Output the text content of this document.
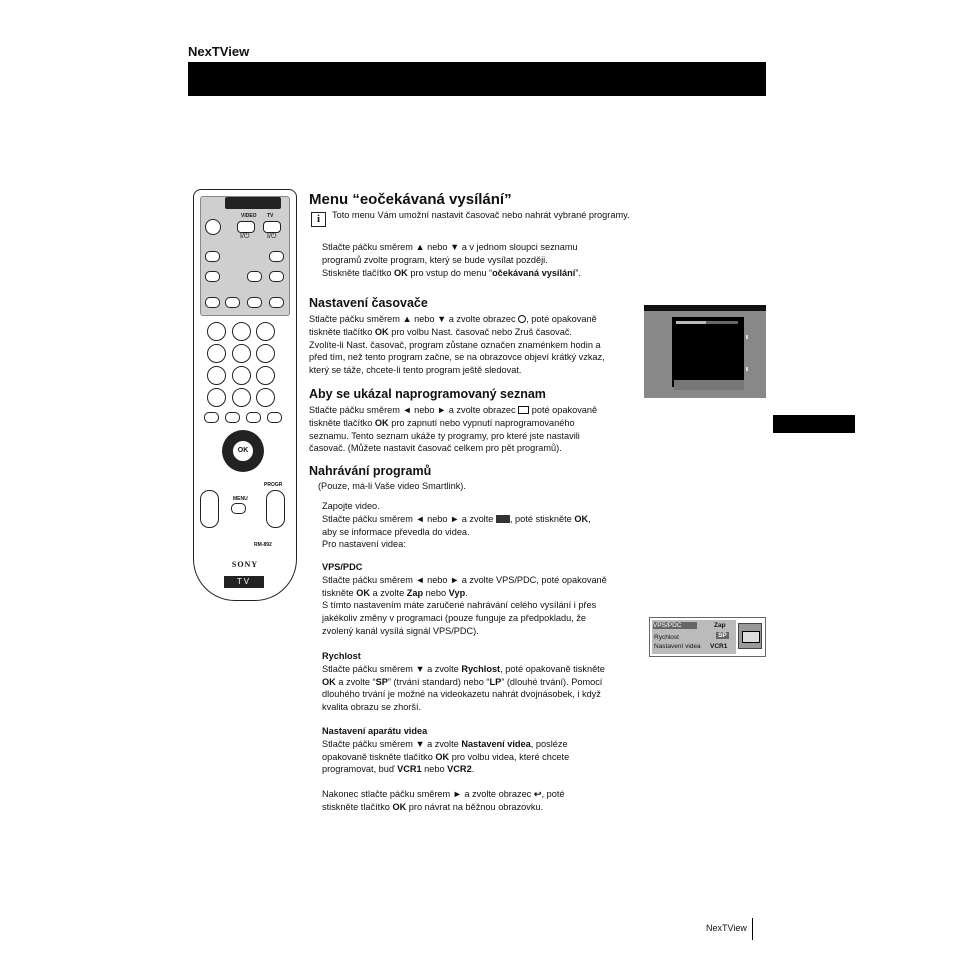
NexTView
VIDEO TV
I/⏻	I/⏻
OK
PROGR
MENU
RM-892
SONY
TV
Menu “eočekávaná vysílání”
i	Toto menu Vám umožní nastavit časovač nebo nahrát vybrané programy.

Stlačte páčku směrem ▲ nebo ▼ a v jednom sloupci seznamu

programů zvolte program, který se bude vysílat později.

Stiskněte tlačítko OK pro vstup do menu “očekávaná vysílání”.

Nastavení časovače

Stlačte páčku směrem ▲ nebo ▼ a zvolte obrazec , poté opakovaně

tiskněte tlačítko OK pro volbu Nast. časovač nebo Zruš časovač.

Zvolíte-li Nast. časovač, program zůstane označen znaménkem hodin a

před tím, než tento program začne, se na obrazovce objeví krátký vzkaz,

který se táže, chcete-li tento program ještě sledovat.

Aby se ukázal naprogramovaný seznam

Stlačte páčku směrem ◄ nebo ► a zvolte obrazec  poté opakovaně

tiskněte tlačítko OK pro zapnutí nebo vypnutí naprogramovaného

seznamu. Tento seznam ukáže ty programy, pro které jste nastavili

časovač. (Můžete nastavit časovač celkem pro pět programů).

Nahrávání programů
(Pouze, má-li Vaše video Smartlink).

Zapojte video.

Stlačte páčku směrem ◄ nebo ► a zvolte , poté stiskněte OK,

aby se informace převedla do videa.

Pro nastavení videa:

VPS/PDC

Stlačte páčku směrem ◄ nebo ► a zvolte VPS/PDC, poté opakovaně

tiskněte OK a zvolte Zap nebo Vyp.

S tímto nastavením máte zaručené nahrávání celého vysílání i přes

jakékoliv změny v programaci (pouze funguje za předpokladu, že

zvolený kanál vysílá signál VPS/PDC).

Rychlost

Stlačte páčku směrem ▼ a zvolte Rychlost, poté opakovaně tiskněte

OK a zvolte “SP” (trvání standard) nebo “LP” (dlouhé trvání). Pomocí

dlouhého trvání je možné na videokazetu nahrát dvojnásobek, i když

kvalita obrazu se zhorší.

Nastavení aparátu videa

Stlačte páčku směrem ▼ a zvolte Nastavení videa, posléze

opakovaně tiskněte tlačítko OK pro volbu videa, které chcete

programovat, buď VCR1 nebo VCR2.

Nakonec stlačte páčku směrem ► a zvolte obrazec ↩, poté

stiskněte tlačítko OK pro návrat na běžnou obrazovku.

VPS/PDC	Zap
Rychlost	SP
Nastavení videa VCR1
NexTView
